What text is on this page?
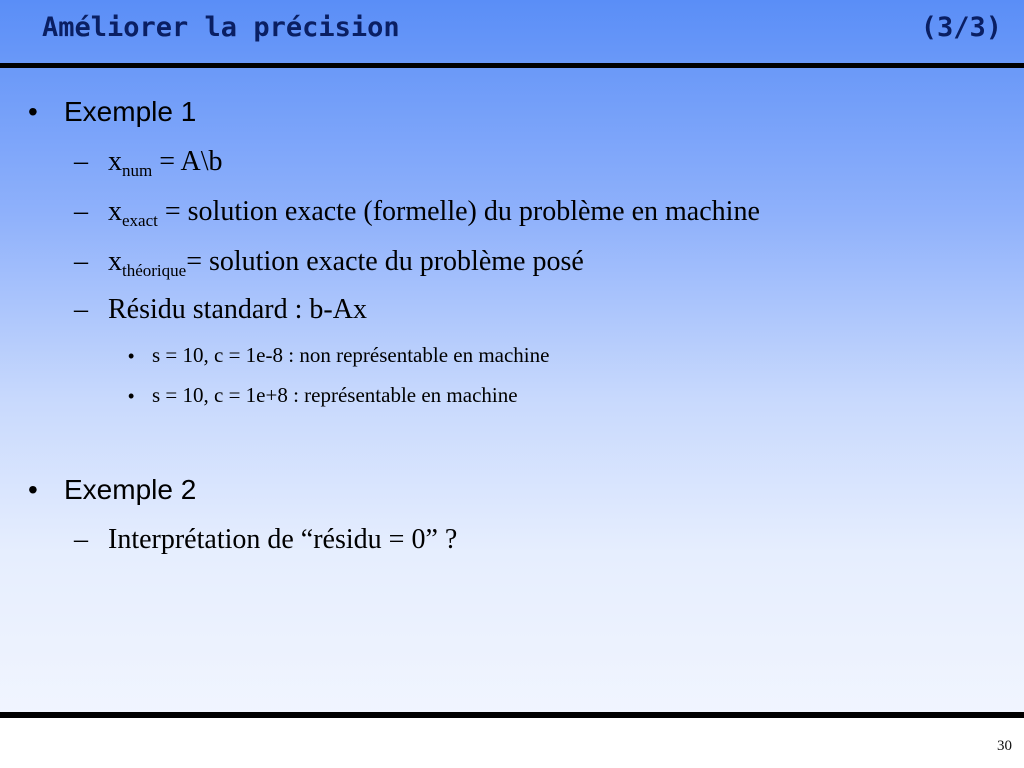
Améliorer la précision	(3/3)
• Exemple 1
– $x_{num}$ = A\b
– $x_{exact}$ = solution exacte (formelle) du problème en machine
– $x_{théorique}=$ solution exacte du problème posé
– Résidu standard : b-Ax
• s = 10, c = 1e-8 : non représentable en machine
• s = 10, c = 1e+8 : représentable en machine
• Exemple 2
– Interprétation de “résidu = 0” ?
30
